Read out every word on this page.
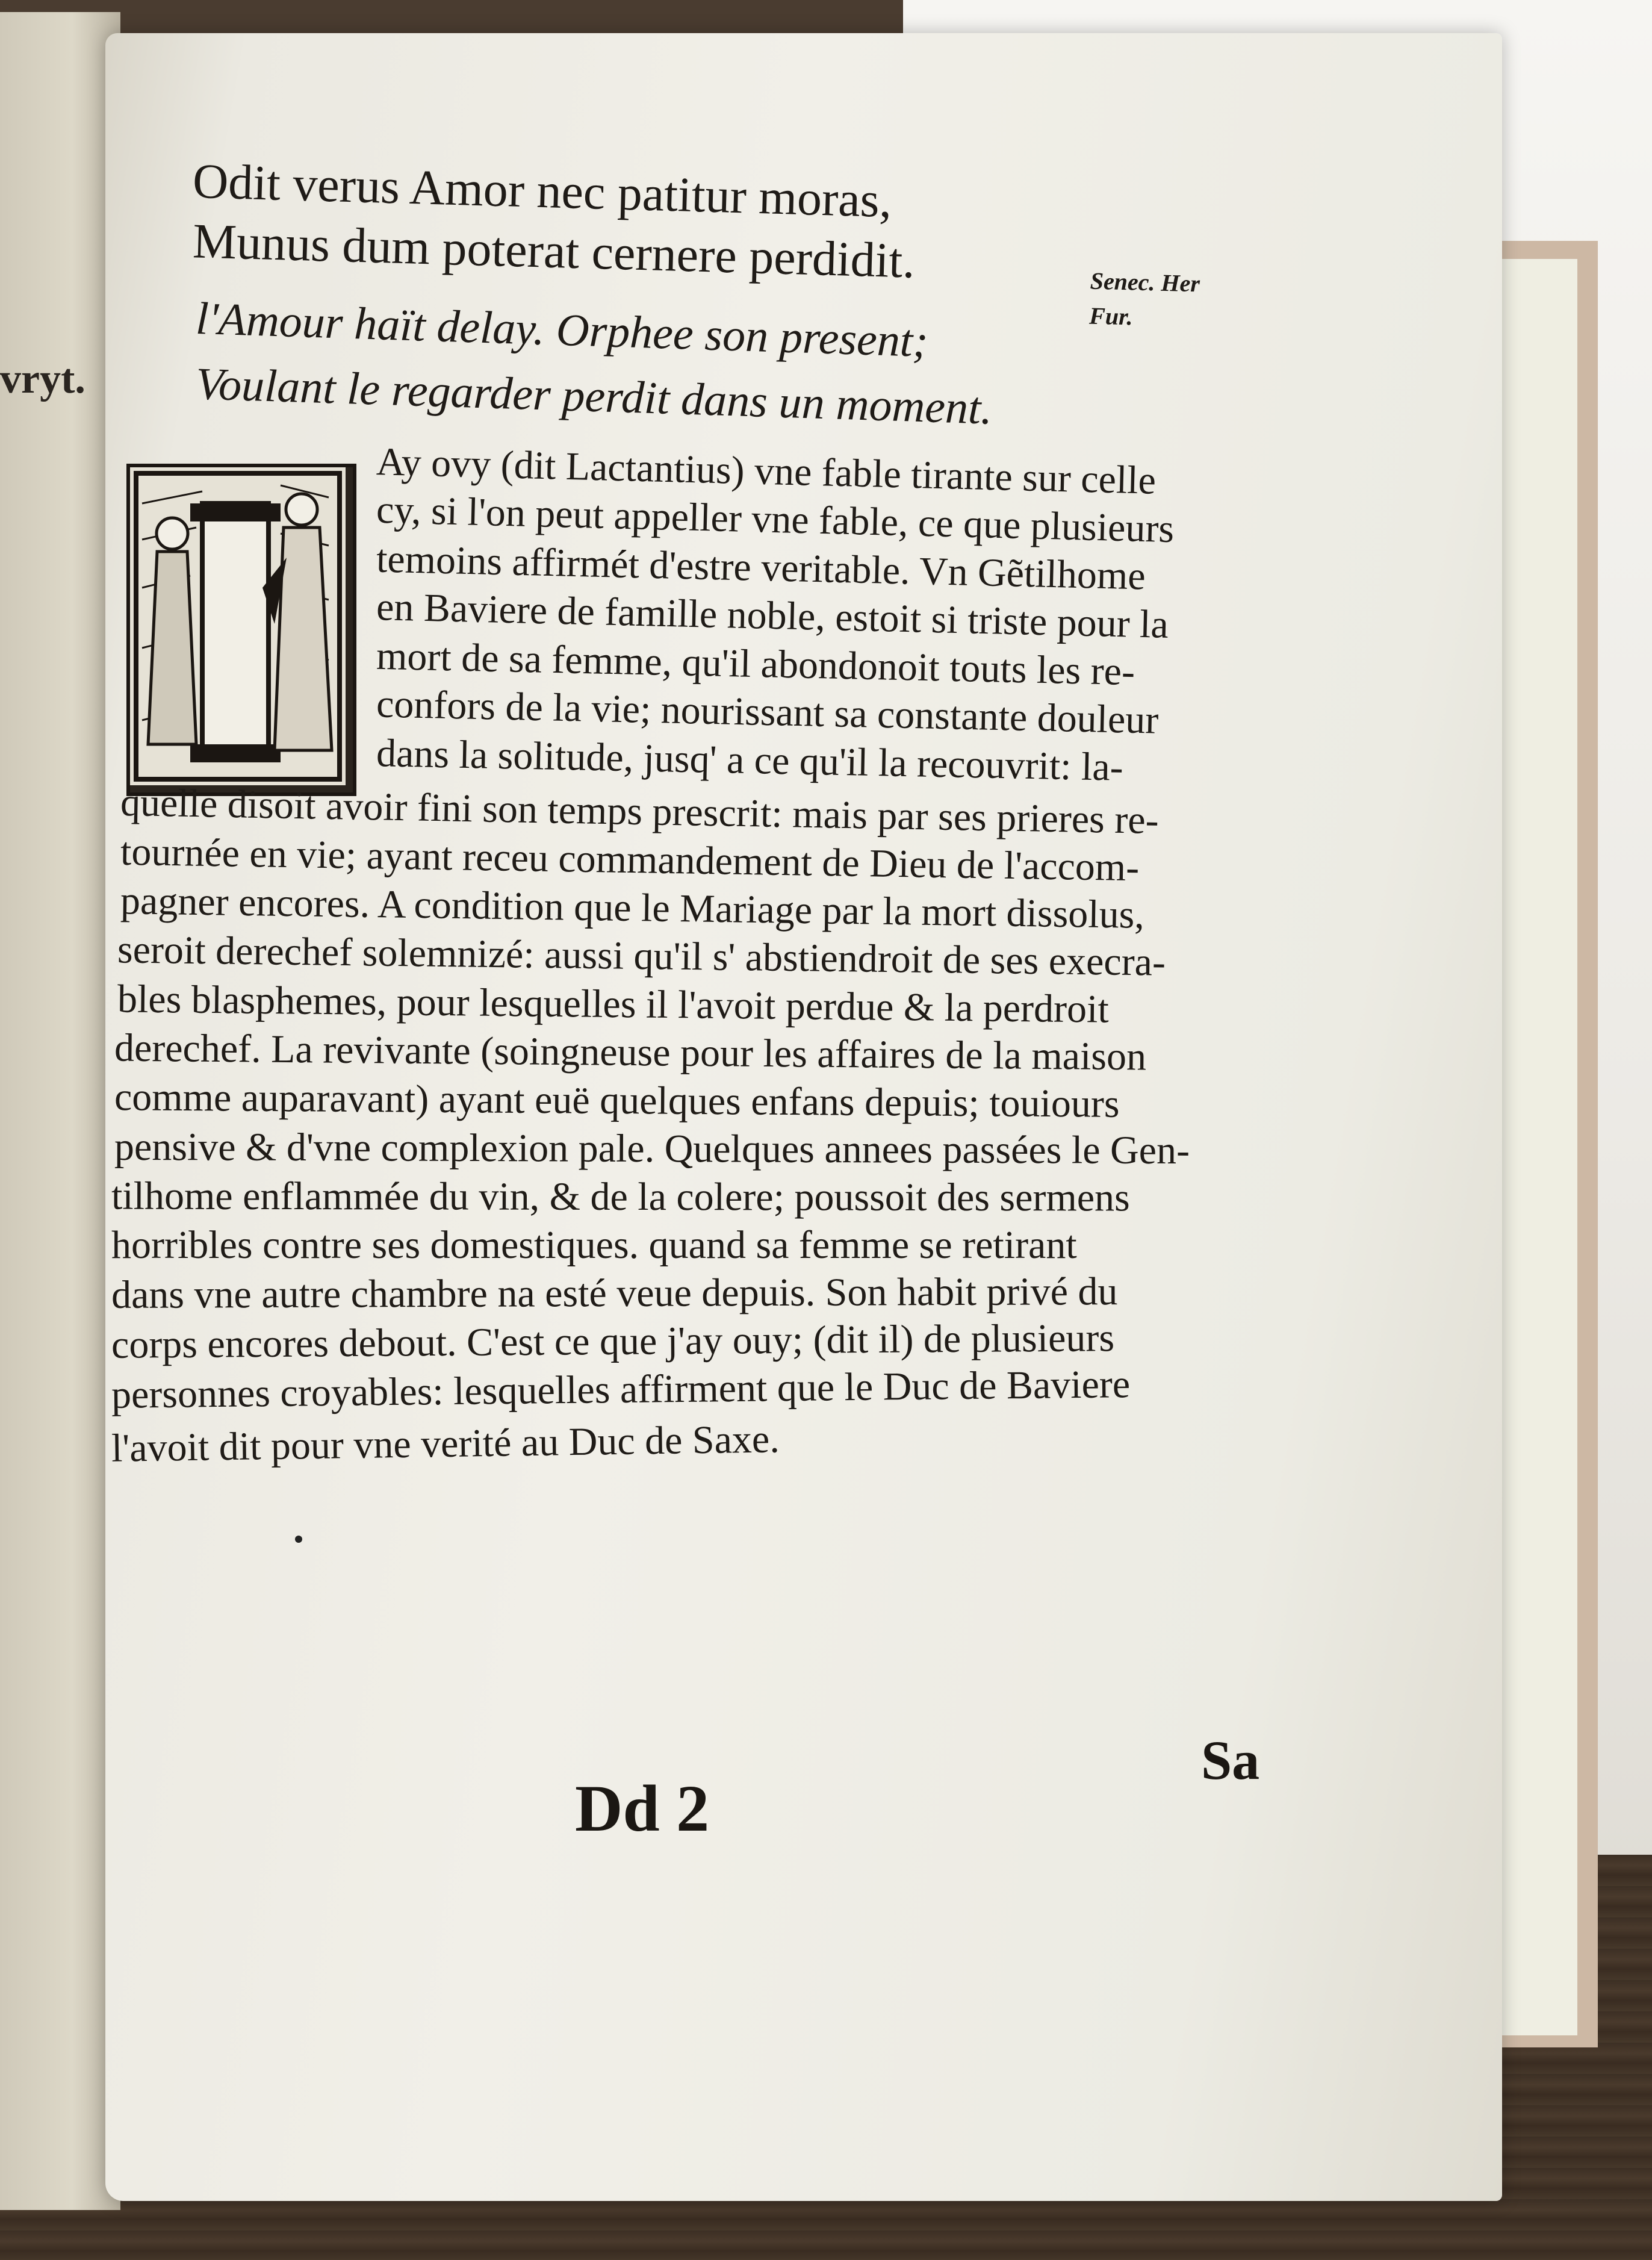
vryt.
Odit verus Amor nec patitur moras,
Munus dum poterat cernere perdidit.	Senec. Her
Fur.
l'Amour haït delay. Orphee son present;
Voulant le regarder perdit dans un moment.
Ay ovy (dit Lactantius) vne fable tirante sur celle
cy, si l'on peut appeller vne fable, ce que plusieurs
temoins affirmét d'estre veritable. Vn Gẽtilhome
en Baviere de famille noble, estoit si triste pour la
mort de sa femme, qu'il abondonoit touts les re-
confors de la vie; nourissant sa constante douleur
dans la solitude, jusq' a ce qu'il la recouvrit: la-
quelle disoit avoir fini son temps prescrit: mais par ses prieres re-
tournée en vie; ayant receu commandement de Dieu de l'accom-
pagner encores. A condition que le Mariage par la mort dissolus,
seroit derechef solemnizé: aussi qu'il s' abstiendroit de ses execra-
bles blasphemes, pour lesquelles il l'avoit perdue & la perdroit
derechef. La revivante (soingneuse pour les affaires de la maison
comme auparavant) ayant euë quelques enfans depuis; touiours
pensive & d'vne complexion pale. Quelques annees passées le Gen-
tilhome enflammée du vin, & de la colere; poussoit des sermens
horribles contre ses domestiques. quand sa femme se retirant
dans vne autre chambre na esté veue depuis. Son habit privé du
corps encores debout. C'est ce que j'ay ouy; (dit il) de plusieurs
personnes croyables: lesquelles affirment que le Duc de Baviere
l'avoit dit pour vne verité au Duc de Saxe.
Dd 2
Sa
